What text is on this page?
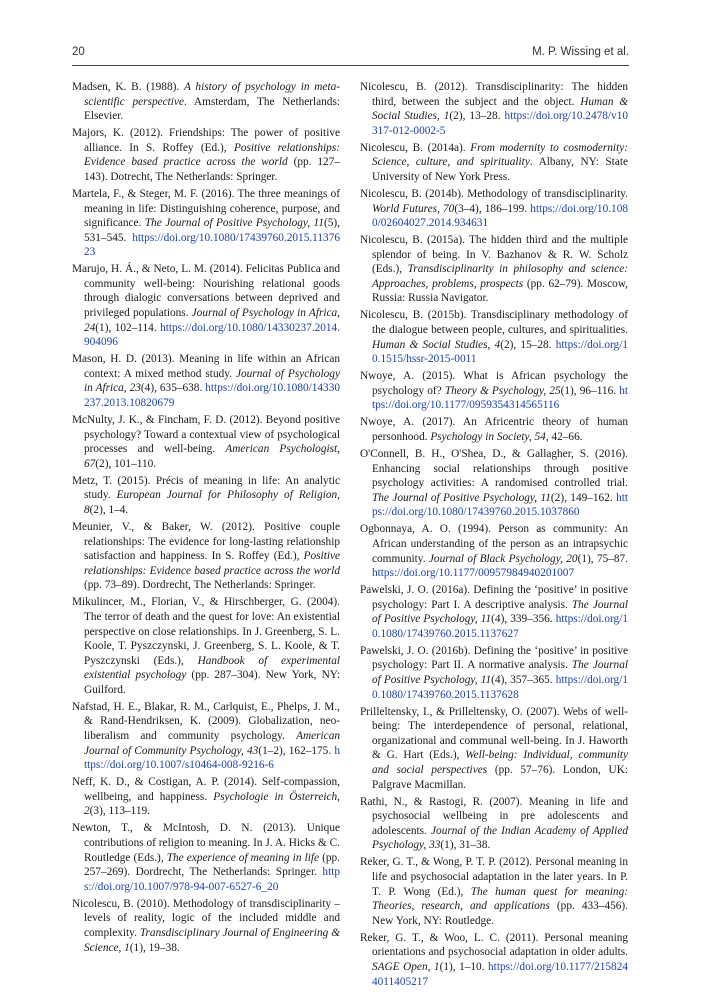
20	M. P. Wissing et al.

Madsen, K. B. (1988). A history of psychology in meta-scientific perspective. Amsterdam, The Netherlands: Elsevier.

Majors, K. (2012). Friendships: The power of positive alliance. In S. Roffey (Ed.), Positive relationships: Evidence based practice across the world (pp. 127–143). Dotrecht, The Netherlands: Springer.

Martela, F., & Steger, M. F. (2016). The three meanings of meaning in life: Distinguishing coherence, purpose, and significance. The Journal of Positive Psychology, 11(5), 531–545. https://doi.org/10.1080/17439760.2015.1137623

Marujo, H. Á., & Neto, L. M. (2014). Felicitas Publica and community well-being: Nourishing relational goods through dialogic conversations between deprived and privileged populations. Journal of Psychology in Africa, 24(1), 102–114. https://doi.org/10.1080/14330237.2014.904096

Mason, H. D. (2013). Meaning in life within an African context: A mixed method study. Journal of Psychology in Africa, 23(4), 635–638. https://doi.org/10.1080/14330237.2013.10820679

McNulty, J. K., & Fincham, F. D. (2012). Beyond positive psychology? Toward a contextual view of psychological processes and well-being. American Psychologist, 67(2), 101–110.

Metz, T. (2015). Précis of meaning in life: An analytic study. European Journal for Philosophy of Religion, 8(2), 1–4.

Meunier, V., & Baker, W. (2012). Positive couple relationships: The evidence for long-lasting relationship satisfaction and happiness. In S. Roffey (Ed.), Positive relationships: Evidence based practice across the world (pp. 73–89). Dordrecht, The Netherlands: Springer.

Mikulincer, M., Florian, V., & Hirschberger, G. (2004). The terror of death and the quest for love: An existential perspective on close relationships. In J. Greenberg, S. L. Koole, T. Pyszczynski, J. Greenberg, S. L. Koole, & T. Pyszczynski (Eds.), Handbook of experimental existential psychology (pp. 287–304). New York, NY: Guilford.

Nafstad, H. E., Blakar, R. M., Carlquist, E., Phelps, J. M., & Rand-Hendriksen, K. (2009). Globalization, neo-liberalism and community psychology. American Journal of Community Psychology, 43(1–2), 162–175. https://doi.org/10.1007/s10464-008-9216-6

Neff, K. D., & Costigan, A. P. (2014). Self-compassion, wellbeing, and happiness. Psychologie in Österreich, 2(3), 113–119.

Newton, T., & McIntosh, D. N. (2013). Unique contributions of religion to meaning. In J. A. Hicks & C. Routledge (Eds.), The experience of meaning in life (pp. 257–269). Dordrecht, The Netherlands: Springer. https://doi.org/10.1007/978-94-007-6527-6_20

Nicolescu, B. (2010). Methodology of transdisciplinarity – levels of reality, logic of the included middle and complexity. Transdisciplinary Journal of Engineering & Science, 1(1), 19–38.

Nicolescu, B. (2012). Transdisciplinarity: The hidden third, between the subject and the object. Human & Social Studies, 1(2), 13–28. https://doi.org/10.2478/v10317-012-0002-5

Nicolescu, B. (2014a). From modernity to cosmodernity: Science, culture, and spirituality. Albany, NY: State University of New York Press.

Nicolescu, B. (2014b). Methodology of transdisciplinarity. World Futures, 70(3–4), 186–199. https://doi.org/10.1080/02604027.2014.934631

Nicolescu, B. (2015a). The hidden third and the multiple splendor of being. In V. Bazhanov & R. W. Scholz (Eds.), Transdisciplinarity in philosophy and science: Approaches, problems, prospects (pp. 62–79). Moscow, Russia: Russia Navigator.

Nicolescu, B. (2015b). Transdisciplinary methodology of the dialogue between people, cultures, and spiritualities. Human & Social Studies, 4(2), 15–28. https://doi.org/10.1515/hssr-2015-0011

Nwoye, A. (2015). What is African psychology the psychology of? Theory & Psychology, 25(1), 96–116. https://doi.org/10.1177/0959354314565116

Nwoye, A. (2017). An Africentric theory of human personhood. Psychology in Society, 54, 42–66.

O'Connell, B. H., O'Shea, D., & Gallagher, S. (2016). Enhancing social relationships through positive psychology activities: A randomised controlled trial. The Journal of Positive Psychology, 11(2), 149–162. https://doi.org/10.1080/17439760.2015.1037860

Ogbonnaya, A. O. (1994). Person as community: An African understanding of the person as an intrapsychic community. Journal of Black Psychology, 20(1), 75–87. https://doi.org/10.1177/00957984940201007

Pawelski, J. O. (2016a). Defining the ‘positive’ in positive psychology: Part I. A descriptive analysis. The Journal of Positive Psychology, 11(4), 339–356. https://doi.org/10.1080/17439760.2015.1137627

Pawelski, J. O. (2016b). Defining the ‘positive’ in positive psychology: Part II. A normative analysis. The Journal of Positive Psychology, 11(4), 357–365. https://doi.org/10.1080/17439760.2015.1137628

Prilleltensky, I., & Prilleltensky, O. (2007). Webs of well-being: The interdependence of personal, relational, organizational and communal well-being. In J. Haworth & G. Hart (Eds.), Well-being: Individual, community and social perspectives (pp. 57–76). London, UK: Palgrave Macmillan.

Rathi, N., & Rastogi, R. (2007). Meaning in life and psychosocial wellbeing in pre adolescents and adolescents. Journal of the Indian Academy of Applied Psychology, 33(1), 31–38.

Reker, G. T., & Wong, P. T. P. (2012). Personal meaning in life and psychosocial adaptation in the later years. In P. T. P. Wong (Ed.), The human quest for meaning: Theories, research, and applications (pp. 433–456). New York, NY: Routledge.

Reker, G. T., & Woo, L. C. (2011). Personal meaning orientations and psychosocial adaptation in older adults. SAGE Open, 1(1), 1–10. https://doi.org/10.1177/2158244011405217
